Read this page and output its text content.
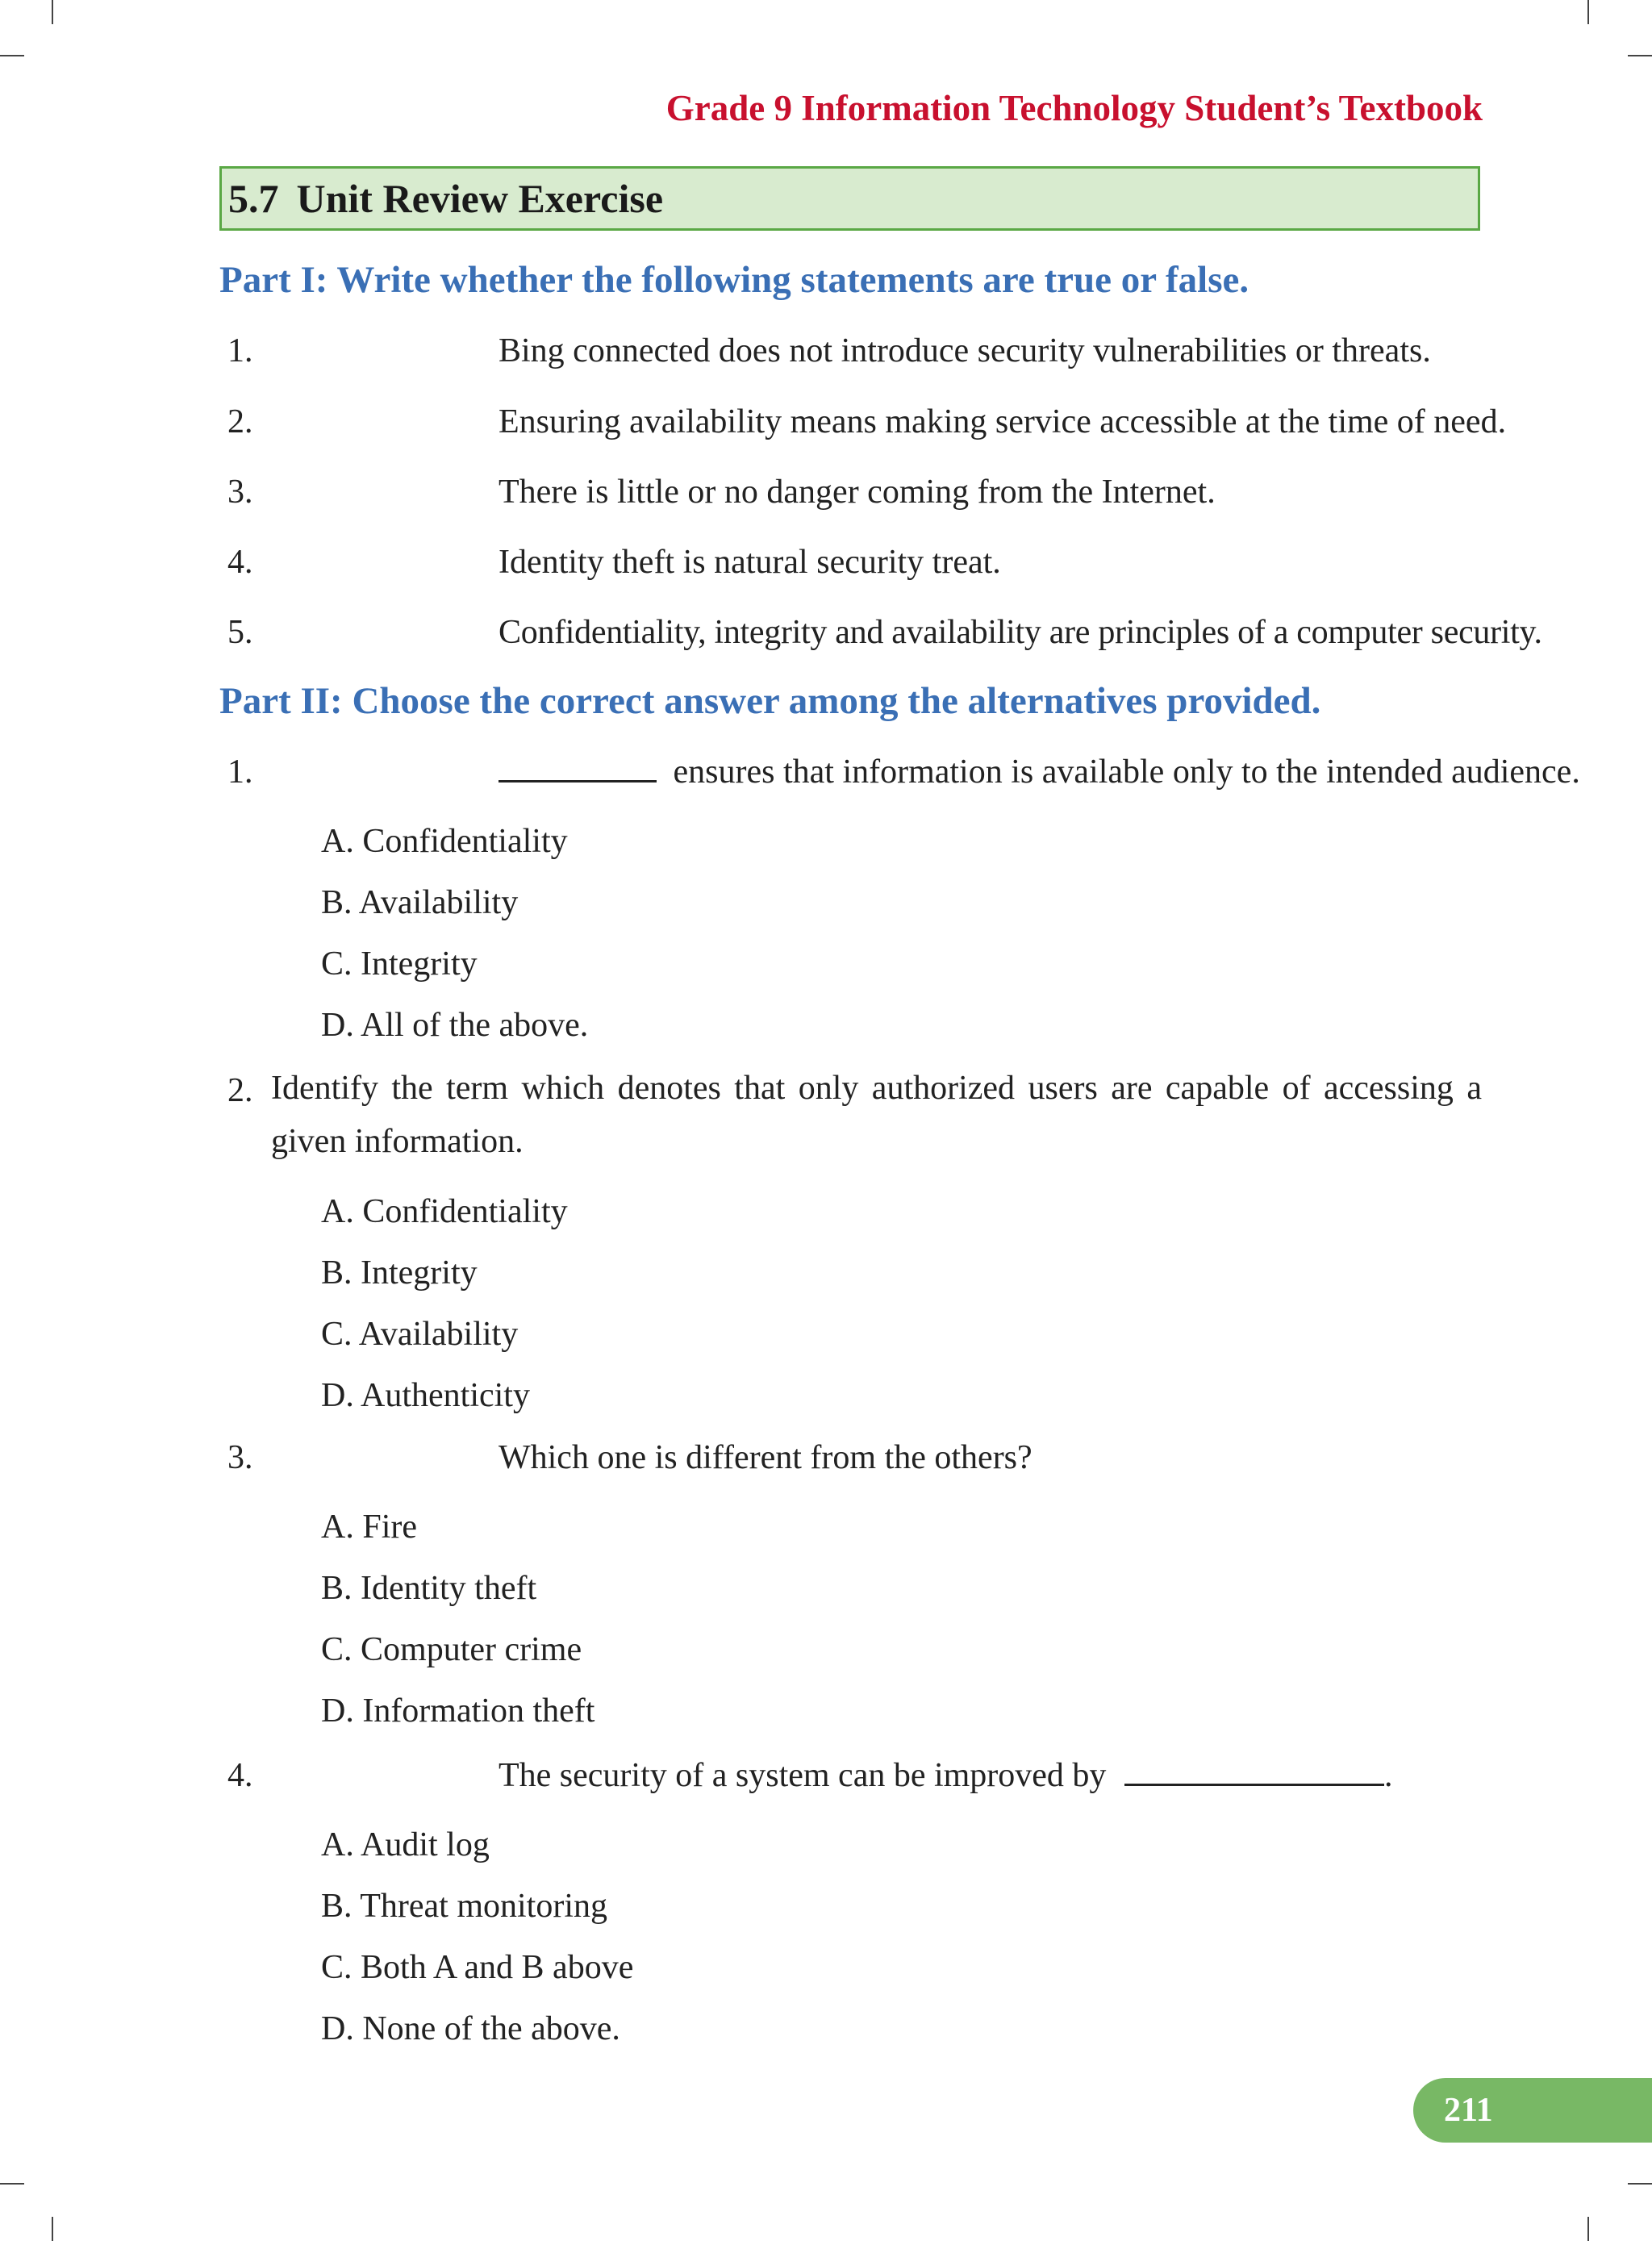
Grade 9 Information Technology Student’s Textbook
5.7 Unit Review Exercise
Part I: Write whether the following statements are true or false.
1.	Bing connected does not introduce security vulnerabilities or threats.
2.	Ensuring availability means making service accessible at the time of need.
3.	There is little or no danger coming from the Internet.
4.	Identity theft is natural security treat.
5.	Confidentiality, integrity and availability are principles of a computer security.
Part II: Choose the correct answer among the alternatives provided.
1.	ensures that information is available only to the intended audience.
A. Confidentiality
B. Availability
C. Integrity
D. All of the above.
2. Identify the term which denotes that only authorized users are capable of accessing a given information.
A. Confidentiality
B. Integrity
C. Availability
D. Authenticity
3.	Which one is different from the others?
A. Fire
B. Identity theft
C. Computer crime
D. Information theft
4.	The security of a system can be improved by	.
A. Audit log
B. Threat monitoring
C. Both A and B above
D. None of the above.
211
